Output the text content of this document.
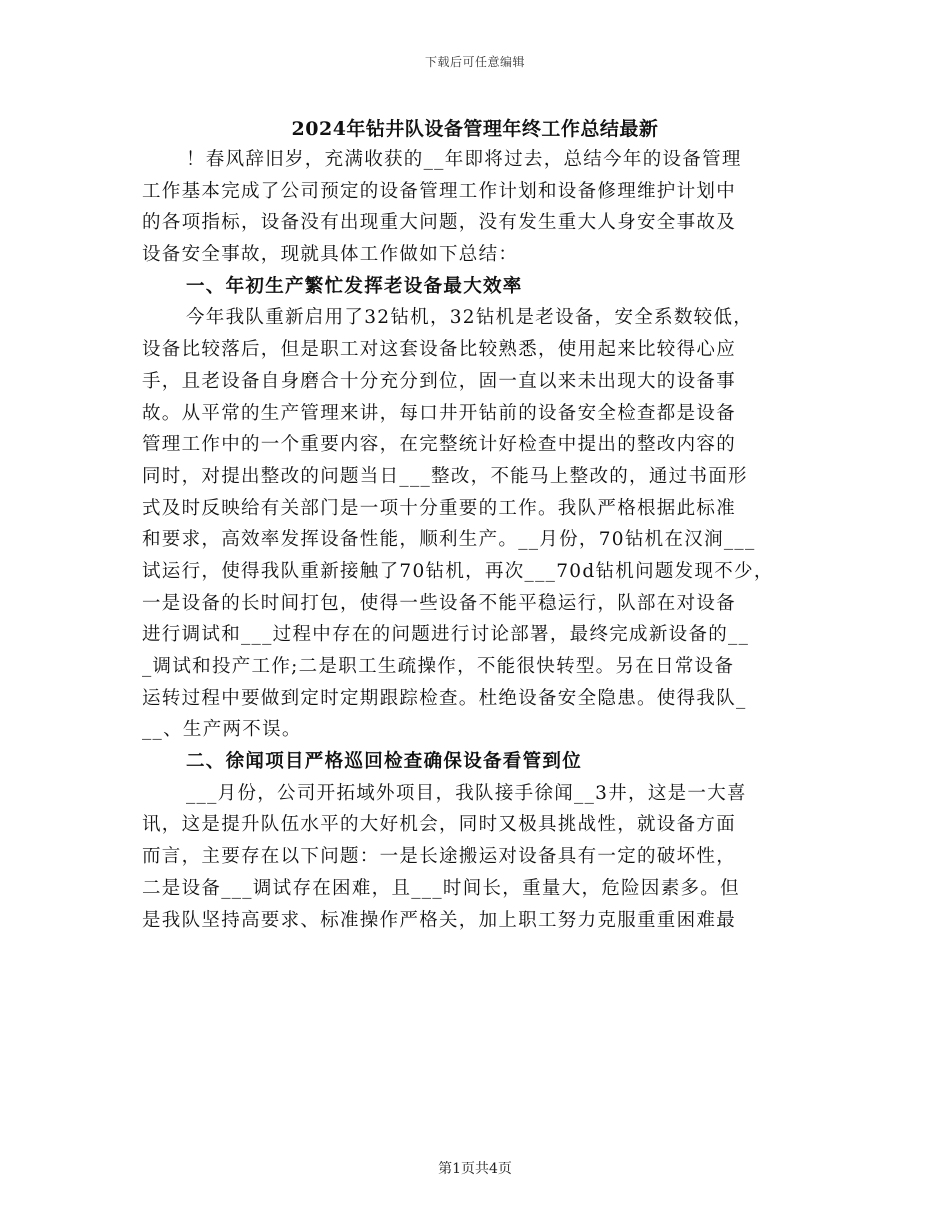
下载后可任意编辑
2024年钻井队设备管理年终工作总结最新
！春风辞旧岁，充满收获的__年即将过去，总结今年的设备管理
工作基本完成了公司预定的设备管理工作计划和设备修理维护计划中
的各项指标，设备没有出现重大问题，没有发生重大人身安全事故及
设备安全事故，现就具体工作做如下总结：
一、年初生产繁忙发挥老设备最大效率
今年我队重新启用了32钻机，32钻机是老设备，安全系数较低，
设备比较落后，但是职工对这套设备比较熟悉，使用起来比较得心应
手，且老设备自身磨合十分充分到位，固一直以来未出现大的设备事
故。从平常的生产管理来讲，每口井开钻前的设备安全检查都是设备
管理工作中的一个重要内容，在完整统计好检查中提出的整改内容的
同时，对提出整改的问题当日___整改，不能马上整改的，通过书面形
式及时反映给有关部门是一项十分重要的工作。我队严格根据此标准
和要求，高效率发挥设备性能，顺利生产。__月份，70钻机在汉涧___
试运行，使得我队重新接触了70钻机，再次___70d钻机问题发现不少，
一是设备的长时间打包，使得一些设备不能平稳运行，队部在对设备
进行调试和___过程中存在的问题进行讨论部署，最终完成新设备的__
_调试和投产工作;二是职工生疏操作，不能很快转型。另在日常设备
运转过程中要做到定时定期跟踪检查。杜绝设备安全隐患。使得我队_
__、生产两不误。
二、徐闻项目严格巡回检查确保设备看管到位
___月份，公司开拓域外项目，我队接手徐闻__3井，这是一大喜
讯，这是提升队伍水平的大好机会，同时又极具挑战性，就设备方面
而言，主要存在以下问题：一是长途搬运对设备具有一定的破坏性，
二是设备___调试存在困难，且___时间长，重量大，危险因素多。但
是我队坚持高要求、标准操作严格关，加上职工努力克服重重困难最
第1页共4页
